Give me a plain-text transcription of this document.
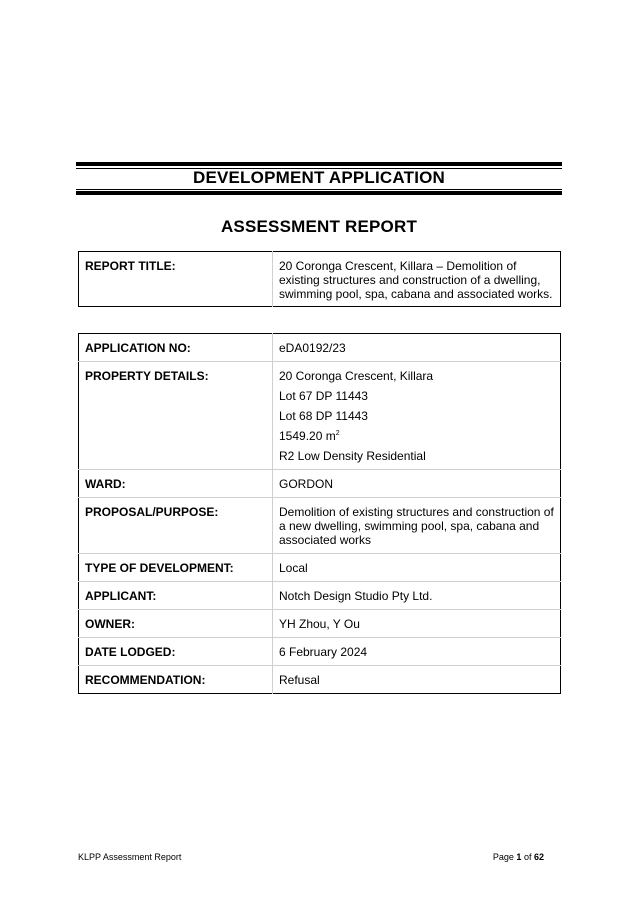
DEVELOPMENT APPLICATION
ASSESSMENT REPORT
REPORT TITLE:	20 Coronga Crescent, Killara – Demolition of existing structures and construction of a dwelling, swimming pool, spa, cabana and associated works.
APPLICATION NO:	eDA0192/23
PROPERTY DETAILS:	20 Coronga Crescent, Killara
Lot 67 DP 11443
Lot 68 DP 11443
1549.20 $m^2$
R2 Low Density Residential

WARD:	GORDON
PROPOSAL/PURPOSE:	Demolition of existing structures and construction of a new dwelling, swimming pool, spa, cabana and associated works
TYPE OF DEVELOPMENT:	Local
APPLICANT:	Notch Design Studio Pty Ltd.
OWNER:	YH Zhou, Y Ou
DATE LODGED:	6 February 2024
RECOMMENDATION:	Refusal
KLPP Assessment Report	Page 1 of 62
